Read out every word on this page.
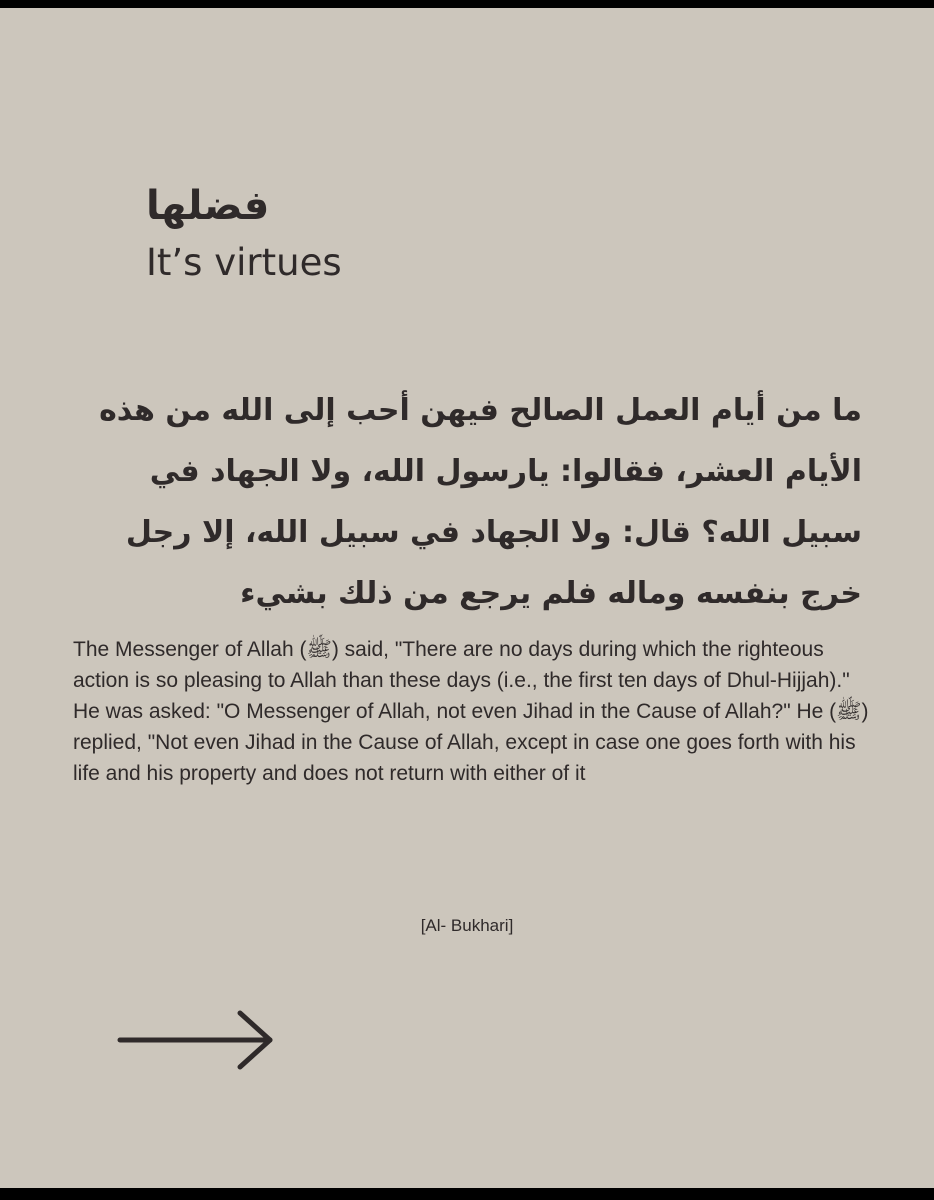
فضلها
It’s virtues
ما من أيام العمل الصالح فيهن أحب إلى الله من هذه الأيام العشر، فقالوا: يارسول الله، ولا الجهاد في سبيل الله؟ قال: ولا الجهاد في سبيل الله، إلا رجل خرج بنفسه وماله فلم يرجع من ذلك بشيء
The Messenger of Allah (ﷺ) said, "There are no days during which the righteous action is so pleasing to Allah than these days (i.e., the first ten days of Dhul-Hijjah)." He was asked: "O Messenger of Allah, not even Jihad in the Cause of Allah?" He (ﷺ) replied, "Not even Jihad in the Cause of Allah, except in case one goes forth with his life and his property and does not return with either of it
[Al- Bukhari]
